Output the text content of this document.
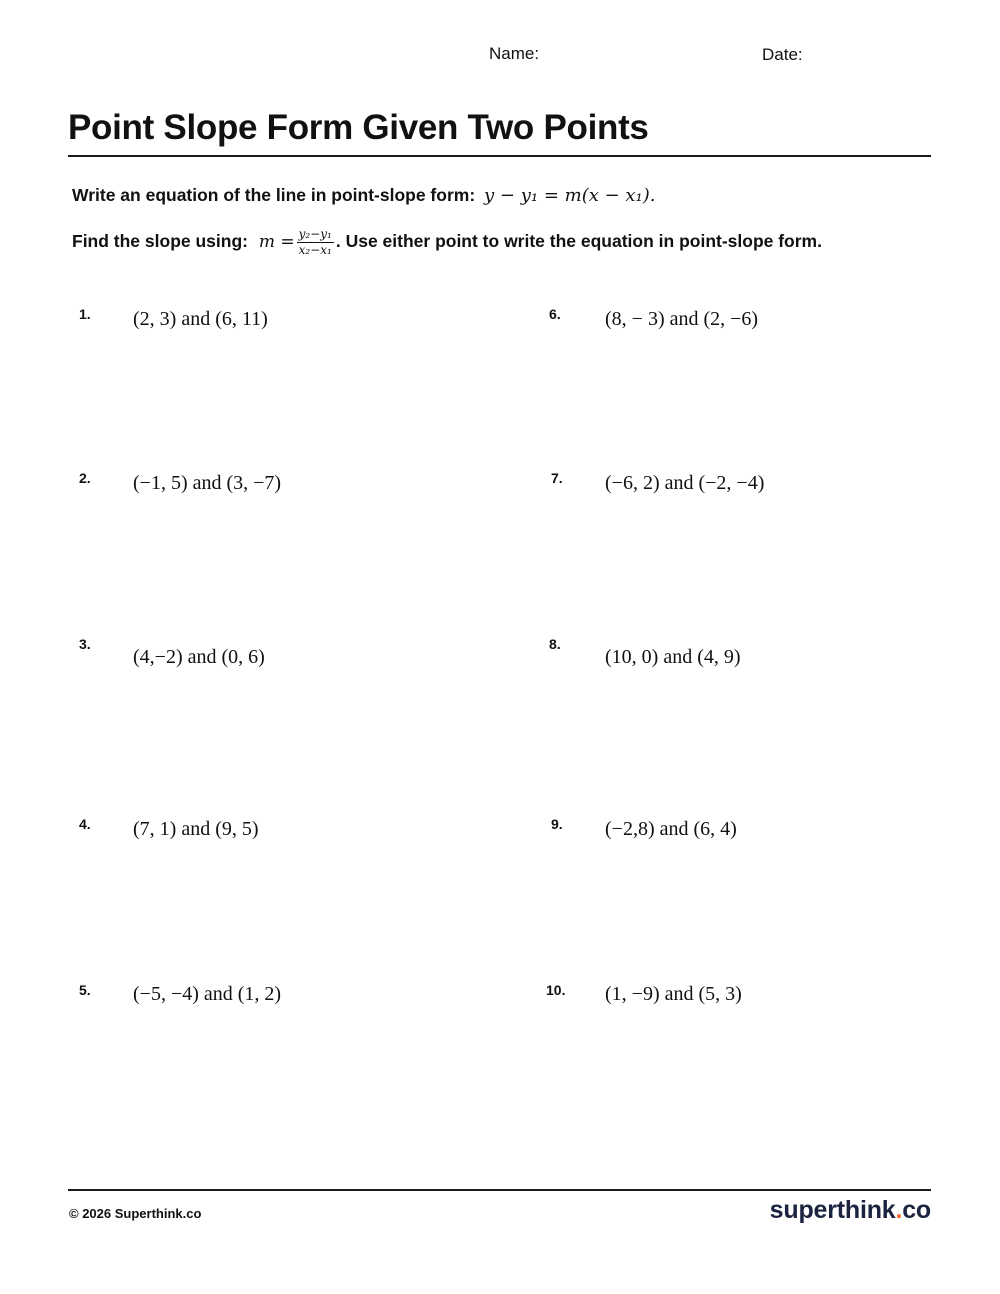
Name:	Date:
Point Slope Form Given Two Points
Write an equation of the line in point-slope form: y − y₁ = m(x − x₁).
Find the slope using: $m = \frac{\text{y₂−y₁}}{\text{x₂−x₁}}$ . Use either point to write the equation in point-slope form.
1. (2, 3) and (6, 11)
2. (−1, 5) and (3, −7)
3.
(4,−2) and (0, 6)
4. (7, 1) and (9, 5)
5. (−5, −4) and (1, 2)
6. (8, − 3) and (2, −6)
7. (−6, 2) and (−2, −4)
8.
(10, 0) and (4, 9)
9. (−2,8) and (6, 4)
10. (1, −9) and (5, 3)
© 2026 Superthink.co	superthink.co
